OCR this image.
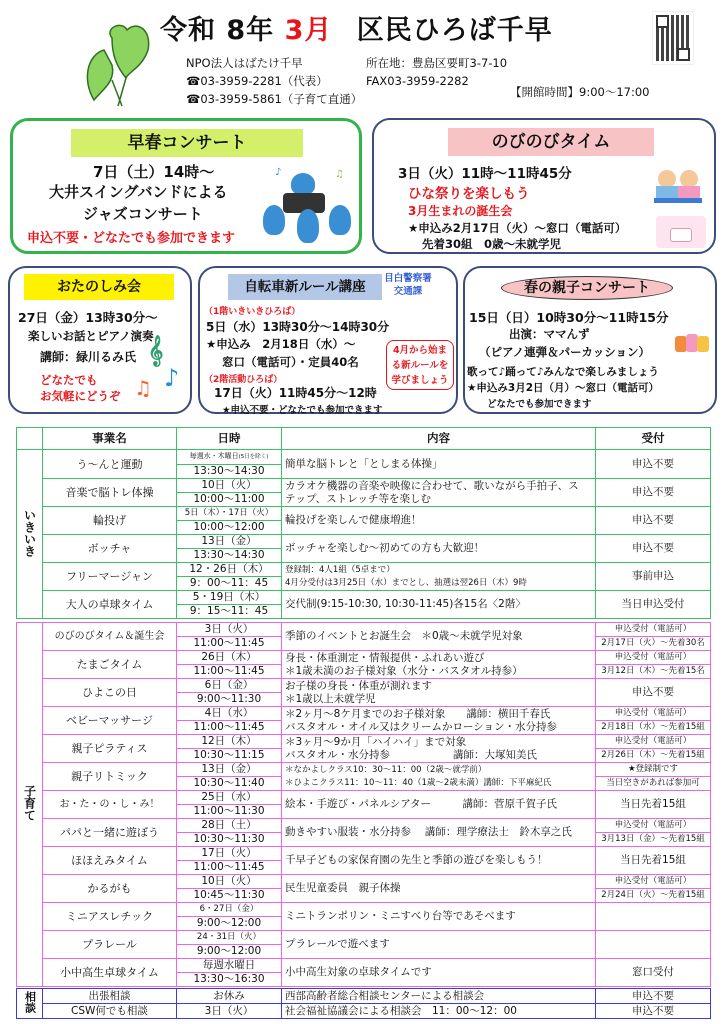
令和 8年 3月 区民ひろば千早
NPO法人はばたけ千早
☎03-3959-2281（代表）
☎03-3959-5861（子育て直通）
所在地：豊島区要町3-7-10
FAX03-3959-2282
【開館時間】9:00～17:00
早春コンサート
7日（土）14時～
大井スイングバンドによる
ジャズコンサート
申込不要・どなたでも参加できます
♪	♫
のびのびタイム
3日（火）11時～11時45分
ひな祭りを楽しもう
3月生まれの誕生会
★申込み2月17日（火）～窓口（電話可）
先着30組　0歳～未就学児
おたのしみ会
27日（金）13時30分～
楽しいお話とピアノ演奏
講師：緑川るみ氏
どなたでも
お気軽にどうぞ
𝄞
♫ ♪
自転車新ルール講座
目白警察署
交通課
（1階いきいきひろば）
5日（水）13時30分～14時30分
★申込み　2月18日（水）～
窓口（電話可）・定員40名
（2階活動ひろば）
17日（火）11時45分～12時
★申込不要・どなたでも参加できます
4月から始ま
る新ルールを
学びましょう
春の親子コンサート
15日（日）10時30分～11時15分
出演：ママんず
（ピアノ連弾＆パーカッション）
歌って♪踊って♪みんなで楽しみましょう
★申込み3月2日（月）～窓口（電話可）
どなたでも参加できます
	事業名	日時	内容	受付
いきいき	う～んと運動	毎週水・木曜日(5日を除く)	簡単な脳トレと「としまる体操」	申込不要
		13:30～14:30		
	音楽で脳トレ体操	10日（火）	カラオケ機器の音楽や映像に合わせて、歌いながら手拍子、ス
テップ、ストレッチ等を楽しむ	申込不要
		10:00～11:00		
	輪投げ	5日（木）・17日（火）	輪投げを楽しんで健康増進！	申込不要
		10:00～12:00		
	ボッチャ	13日（金）	ボッチャを楽しむ～初めての方も大歓迎！	申込不要
		13:30～14:30		
	フリーマージャン	12・26日（木）	登録制：4人1組（5卓まで）
4月分受付は3月25日（水）までとし、抽選は翌26日（木）9時	事前申込
		9：00～11：45		
	大人の卓球タイム	5・19日（木）	交代制(9:15-10:30, 10:30-11:45)各15名〈2階〉	当日申込受付
		9：15～11：45		
子育て	のびのびタイム＆誕生会	3日（火）	季節のイベントとお誕生会　＊0歳～未就学児対象	申込受付（電話可）
		11:00～11:45		2月17日（火）～先着30名
	たまごタイム	26日（木）	身長・体重測定・情報提供・ふれあい遊び
＊1歳未満のお子様対象（水分・バスタオル持参）	申込受付（電話可）
		11:00～11:45		3月12日（木）～先着15名
	ひよこの日	6日（金）	お子様の身長・体重が測れます
＊1歳以上未就学児	申込不要
		9:00～11:30		
	ベビーマッサージ	4日（水）	＊2ヶ月～8ケ月までのお子様対象　　講師：横田千春氏
バスタオル・オイル又はクリームかローション・水分持参	申込受付（電話可）
		11:00～11:45		2月18日（水）～先着15組
	親子ピラティス	12日（木）	＊3ヶ月～9か月「ハイハイ」まで対象
バスタオル・水分持参　　　　　　講師：大塚知美氏	申込受付（電話可）
		10:30～11:15		2月26日（木）～先着15組
	親子リトミック	13日（金）	＊なかよしクラス10：30～11：00（2歳～就学前）
＊ひよこクラス11：10～11：40（1歳～2歳未満）講師：下平麻紀氏	★登録制です
		10:30～11:40		当日空きがあれば参加可
	お・た・の・し・み！	25日（水）	絵本・手遊び・パネルシアター　　　講師：菅原千賀子氏	当日先着15組
		11:00～11:30		
	パパと一緒に遊ぼう	28日（土）	動きやすい服装・水分持参　 講師：理学療法士　鈴木享之氏	申込受付（電話可）
		10:30～11:30		3月13日（金）～先着15組
	ほほえみタイム	17日（火）	千早子どもの家保育園の先生と季節の遊びを楽しもう！	当日先着15組
		11:00～11:45		
	かるがも	10日（火）	民生児童委員　親子体操	申込受付（電話可）
		10:45～11:30		2月24日（火）～先着15組
	ミニアスレチック	6・27日（金）	ミニトランポリン・ミニすべり台等であそべます	

		9:00～12:00		
	プラレール	24・31日（火）	プラレールで遊べます	

		9:00～12:00		
	小中高生卓球タイム	毎週水曜日	小中高生対象の卓球タイムです	窓口受付
		13:30～16:30		
相談	出張相談	お休み	西部高齢者総合相談センターによる相談会	申込不要
	CSW何でも相談	3日（火）	社会福祉協議会による相談会　11：00～12：00	申込不要
